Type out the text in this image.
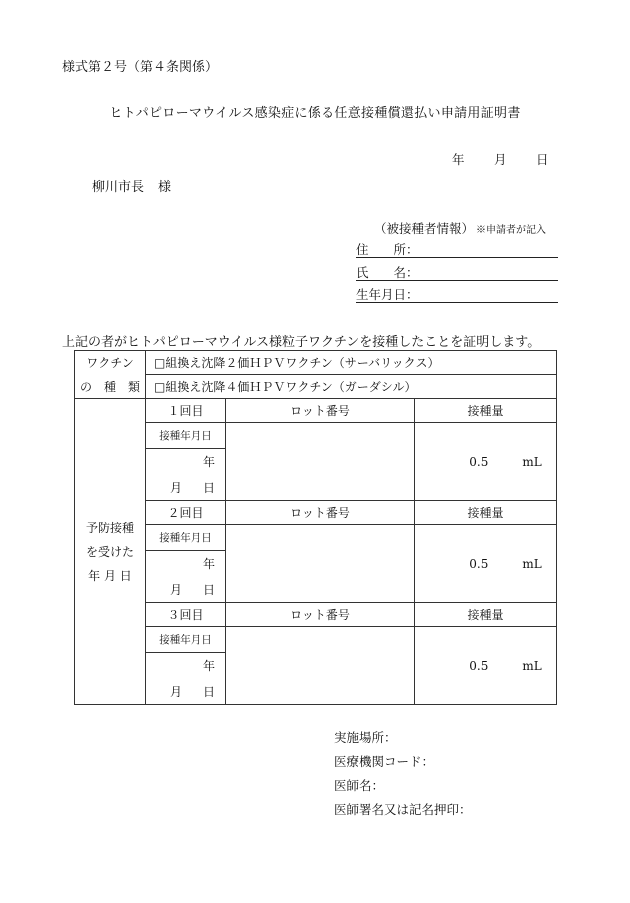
様式第２号（第４条関係）
ヒトパピローマウイルス感染症に係る任意接種償還払い申請用証明書
年 月 日
柳川市長 様
（被接種者情報） ※申請者が記入
住　　所：
氏　　名：
生年月日：
上記の者がヒトパピローマウイルス様粒子ワクチンを接種したことを証明します。
ワクチン	□組換え沈降２価ＨＰＶワクチン（サーバリックス）		
の　種　類	□組換え沈降４価ＨＰＶワクチン（ガーダシル）		

予防接種
を受けた
年 月 日	１回目	ロット番号	接種量
	接種年月日		0.5 mL
	年		

	月 日		

	２回目	ロット番号	接種量
	接種年月日		0.5 mL
	年		

	月 日		

	３回目	ロット番号	接種量
	接種年月日		0.5 mL
	年		

	月 日		
実施場所：
医療機関コード：
医師名：
医師署名又は記名押印：
